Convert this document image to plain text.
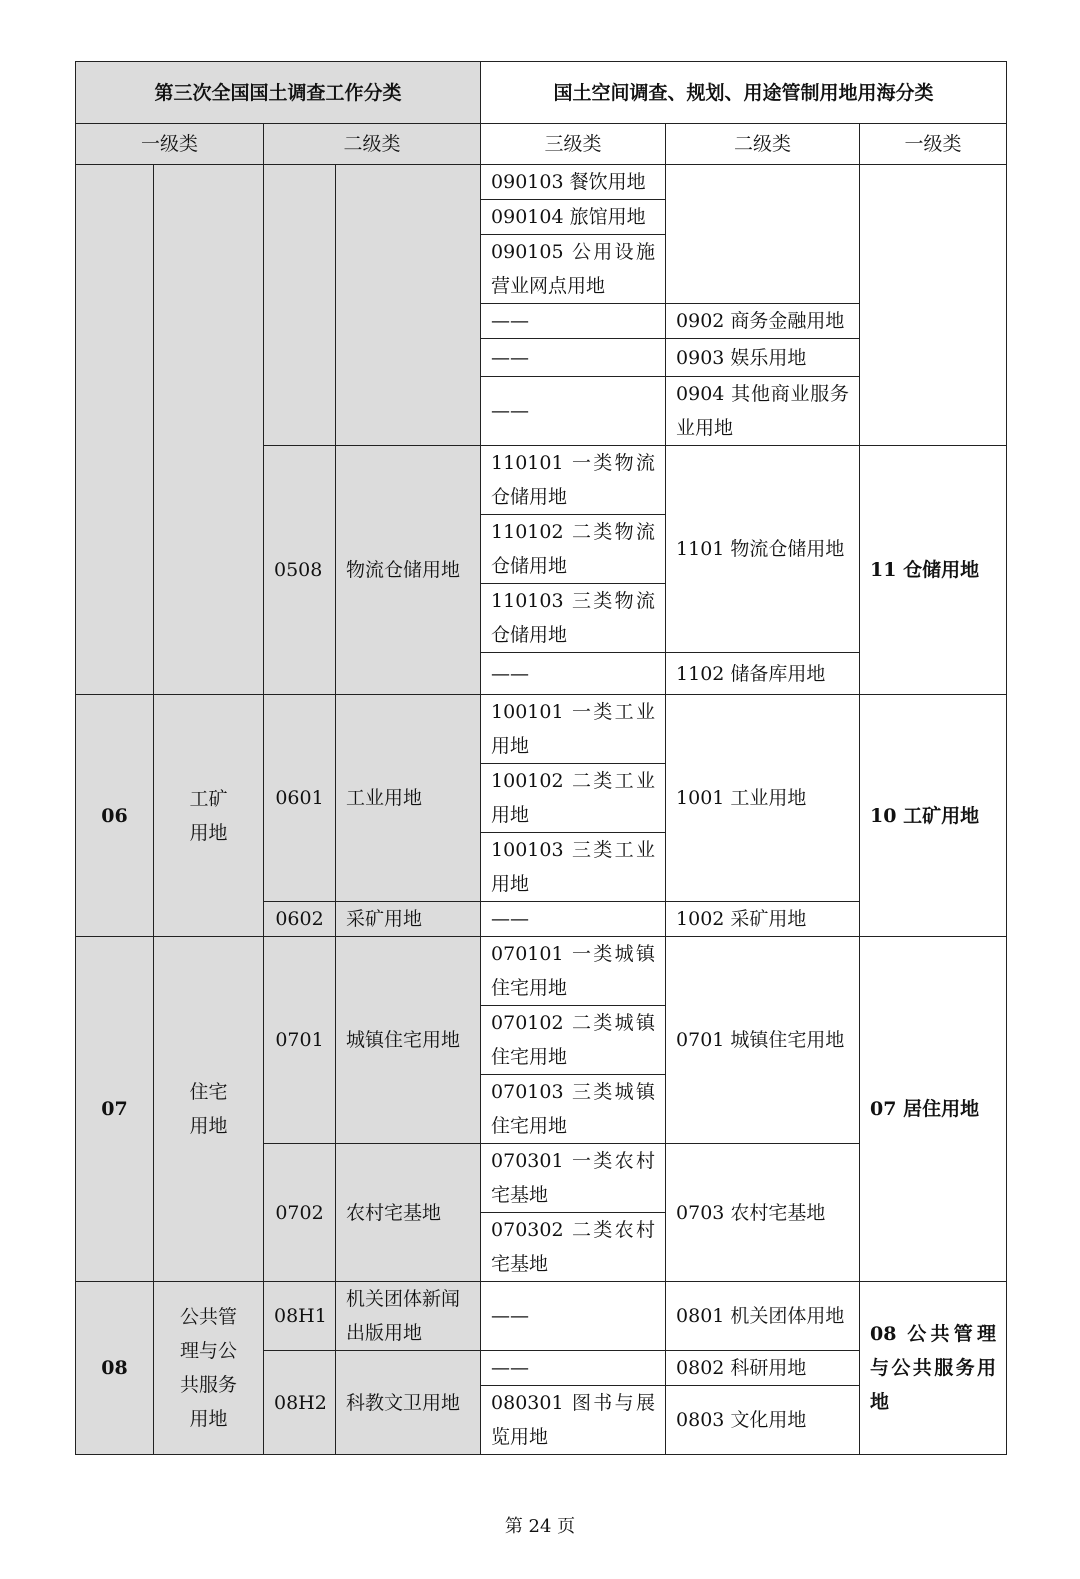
第三次全国国土调查工作分类				国土空间调查、规划、用途管制用地用海分类		
一级类		二级类		三级类	二级类	一级类
				090103 餐饮用地		
				090104 旅馆用地		
				090105 公用设施营业网点用地		
				——	0902 商务金融用地	
				——	0903 娱乐用地	
				——	0904 其他商业服务业用地	
		0508	物流仓储用地	110101 一类物流仓储用地	1101 物流仓储用地	11 仓储用地
				110102 二类物流仓储用地		
				110103 三类物流仓储用地		
				——	1102 储备库用地	
06	工矿用地	0601	工业用地	100101 一类工业用地	1001 工业用地	10 工矿用地
				100102 二类工业用地		
				100103 三类工业用地		
		0602	采矿用地	——	1002 采矿用地	
07	住宅用地	0701	城镇住宅用地	070101 一类城镇住宅用地	0701 城镇住宅用地	07 居住用地
				070102 二类城镇住宅用地		
				070103 三类城镇住宅用地		
		0702	农村宅基地	070301 一类农村宅基地	0703 农村宅基地	
				070302 二类农村宅基地		
08	公共管理与公共服务用地	08H1	机关团体新闻出版用地	——	0801 机关团体用地	08 公共管理与公共服务用地
		08H2	科教文卫用地	——	0802 科研用地	
				080301 图书与展览用地	0803 文化用地	
第 24 页
